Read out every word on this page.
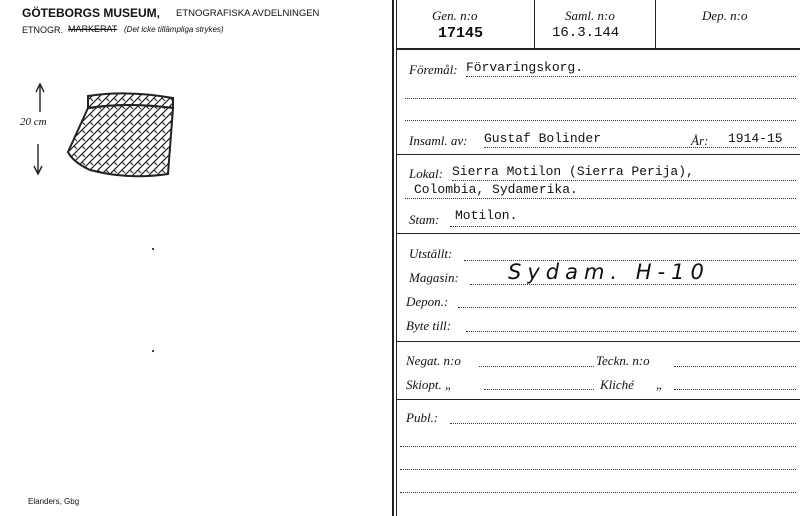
GÖTEBORGS MUSEUM, ETNOGRAFISKA AVDELNINGEN
ETNOGR. MARKERAT (Det icke tillämpliga strykes)
20 cm
Elanders, Gbg
Gen. n:o
17145
Saml. n:o
16.3.144
Dep. n:o
Föremål: Förvaringskorg.
Insaml. av: Gustaf Bolinder	År: 1914-15
Lokal: Sierra Motilon (Sierra Perija),
Colombia, Sydamerika.
Stam: Motilon.
Utställt:
Magasin: Sydam. H-10
Depon.:
Byte till:
Negat. n:o	Teckn. n:o
Skiopt. „	Kliché „
Publ.:
